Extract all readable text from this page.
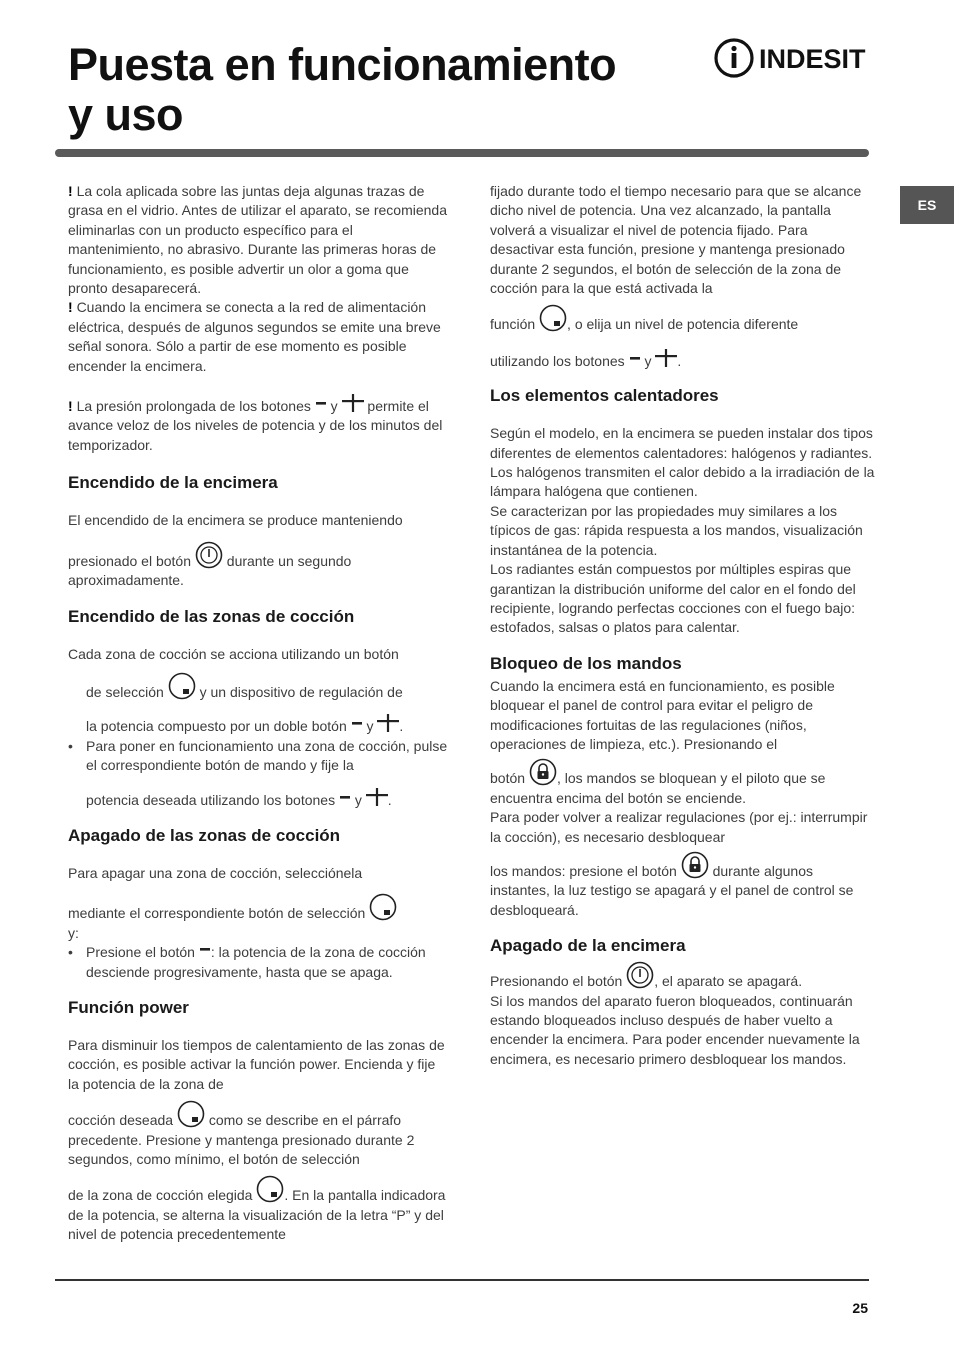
Puesta en funcionamiento
y uso
INDESIT
ES

! La cola aplicada sobre las juntas deja algunas trazas de grasa en el vidrio. Antes de utilizar el aparato, se recomienda eliminarlas con un producto específico para el mantenimiento, no abrasivo. Durante las primeras horas de funcionamiento, es posible advertir un olor a goma que pronto desaparecerá.

! Cuando la encimera se conecta a la red de alimentación eléctrica, después de algunos segundos se emite una breve señal sonora. Sólo a partir de ese momento es posible encender la encimera.

! La presión prolongada de los botones y permite el avance veloz de los niveles de potencia y de los minutos del temporizador.

Encendido de la encimera

El encendido de la encimera se produce manteniendo

presionado el botón	durante un segundo aproximadamente.

Encendido de las zonas de cocción

Cada zona de cocción se acciona utilizando un botón

de selección	y un dispositivo de regulación de

la potencia compuesto por un doble botón y .

• Para poner en funcionamiento una zona de cocción, pulse el correspondiente botón de mando y fije la

potencia deseada utilizando los botones y .

Apagado de las zonas de cocción

Para apagar una zona de cocción, selecciónela

mediante el correspondiente botón de selección

y:

• Presione el botón : la potencia de la zona de cocción desciende progresivamente, hasta que se apaga.

Función power

Para disminuir los tiempos de calentamiento de las zonas de cocción, es posible activar la función power. Encienda y fije la potencia de la zona de

cocción deseada	como se describe en el párrafo precedente. Presione y mantenga presionado durante 2 segundos, como mínimo, el botón de selección

de la zona de cocción elegida . En la pantalla indicadora de la potencia, se alterna la visualización de la letra “P” y del nivel de potencia precedentemente

fijado durante todo el tiempo necesario para que se alcance dicho nivel de potencia. Una vez alcanzado, la pantalla volverá a visualizar el nivel de potencia fijado. Para desactivar esta función, presione y mantenga presionado durante 2 segundos, el botón de selección de la zona de cocción para la que está activada la

función , o elija un nivel de potencia diferente

utilizando los botones y .

Los elementos calentadores

Según el modelo, en la encimera se pueden instalar dos tipos diferentes de elementos calentadores: halógenos y radiantes.

Los halógenos transmiten el calor debido a la irradiación de la lámpara halógena que contienen.

Se caracterizan por las propiedades muy similares a los típicos de gas: rápida respuesta a los mandos, visualización instantánea de la potencia.

Los radiantes están compuestos por múltiples espiras que garantizan la distribución uniforme del calor en el fondo del recipiente, logrando perfectas cocciones con el fuego bajo: estofados, salsas o platos para calentar.

Bloqueo de los mandos

Cuando la encimera está en funcionamiento, es posible bloquear el panel de control para evitar el peligro de modificaciones fortuitas de las regulaciones (niños, operaciones de limpieza, etc.). Presionando el

botón , los mandos se bloquean y el piloto que se encuentra encima del botón se enciende.

Para poder volver a realizar regulaciones (por ej.: interrumpir la cocción), es necesario desbloquear

los mandos: presione el botón	durante algunos instantes, la luz testigo se apagará y el panel de control se desbloqueará.

Apagado de la encimera

Presionando el botón , el aparato se apagará.

Si los mandos del aparato fueron bloqueados, continuarán estando bloqueados incluso después de haber vuelto a encender la encimera. Para poder encender nuevamente la encimera, es necesario primero desbloquear los mandos.

25
